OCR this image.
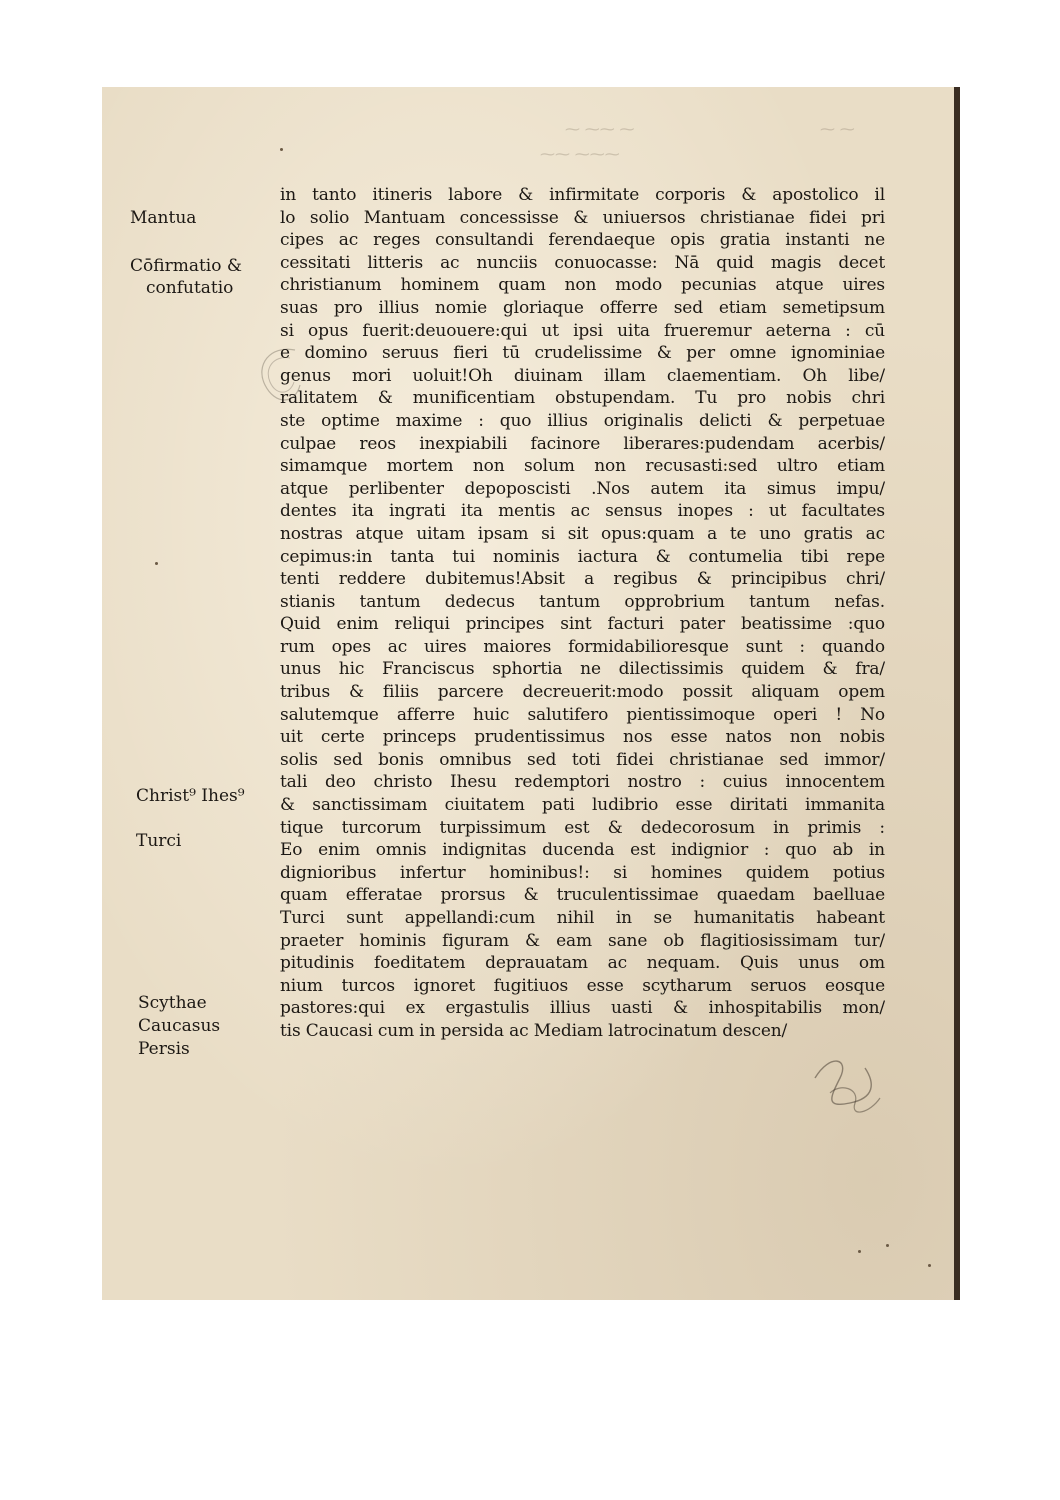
⁓ ⁓⁓ ⁓
⁓⁓ ⁓⁓⁓
⁓ ⁓
Mantua
Cōfirmatio &
confutatio
Christ⁹ Ihes⁹
Turci
Scythae
Caucasus
Persis
in tanto itineris labore & infirmitate corporis & apostolico il
lo solio Mantuam concessisse & uniuersos christianae fidei pri
cipes ac reges consultandi ferendaeque opis gratia instanti ne
cessitati litteris ac nunciis conuocasse: Nā quid magis decet
christianum hominem quam non modo pecunias atque uires
suas pro illius nomie gloriaque offerre sed etiam semetipsum
si opus fuerit:deuouere:qui ut ipsi uita frueremur aeterna : cū
e domino seruus fieri tū crudelissime & per omne ignominiae
genus mori uoluit!Oh diuinam illam claementiam. Oh libe/
ralitatem & munificentiam obstupendam. Tu pro nobis chri
ste optime maxime : quo illius originalis delicti & perpetuae
culpae reos inexpiabili facinore liberares:pudendam acerbis/
simamque mortem non solum non recusasti:sed ultro etiam
atque perlibenter depoposcisti .Nos autem ita simus impu/
dentes ita ingrati ita mentis ac sensus inopes : ut facultates
nostras atque uitam ipsam si sit opus:quam a te uno gratis ac
cepimus:in tanta tui nominis iactura & contumelia tibi repe
tenti reddere dubitemus!Absit a regibus & principibus chri/
stianis tantum dedecus tantum opprobrium tantum nefas.
Quid enim reliqui principes sint facturi pater beatissime :quo
rum opes ac uires maiores formidabilioresque sunt : quando
unus hic Franciscus sphortia ne dilectissimis quidem & fra/
tribus & filiis parcere decreuerit:modo possit aliquam opem
salutemque afferre huic salutifero pientissimoque operi ! No
uit certe princeps prudentissimus nos esse natos non nobis
solis sed bonis omnibus sed toti fidei christianae sed immor/
tali deo christo Ihesu redemptori nostro : cuius innocentem
& sanctissimam ciuitatem pati ludibrio esse diritati immanita
tique turcorum turpissimum est & dedecorosum in primis :
Eo enim omnis indignitas ducenda est indignior : quo ab in
dignioribus infertur hominibus!: si homines quidem potius
quam efferatae prorsus & truculentissimae quaedam baelluae
Turci sunt appellandi:cum nihil in se humanitatis habeant
praeter hominis figuram & eam sane ob flagitiosissimam tur/
pitudinis foeditatem deprauatam ac nequam. Quis unus om
nium turcos ignoret fugitiuos esse scytharum seruos eosque
pastores:qui ex ergastulis illius uasti & inhospitabilis mon/
tis Caucasi cum in persida ac Mediam latrocinatum descen/
